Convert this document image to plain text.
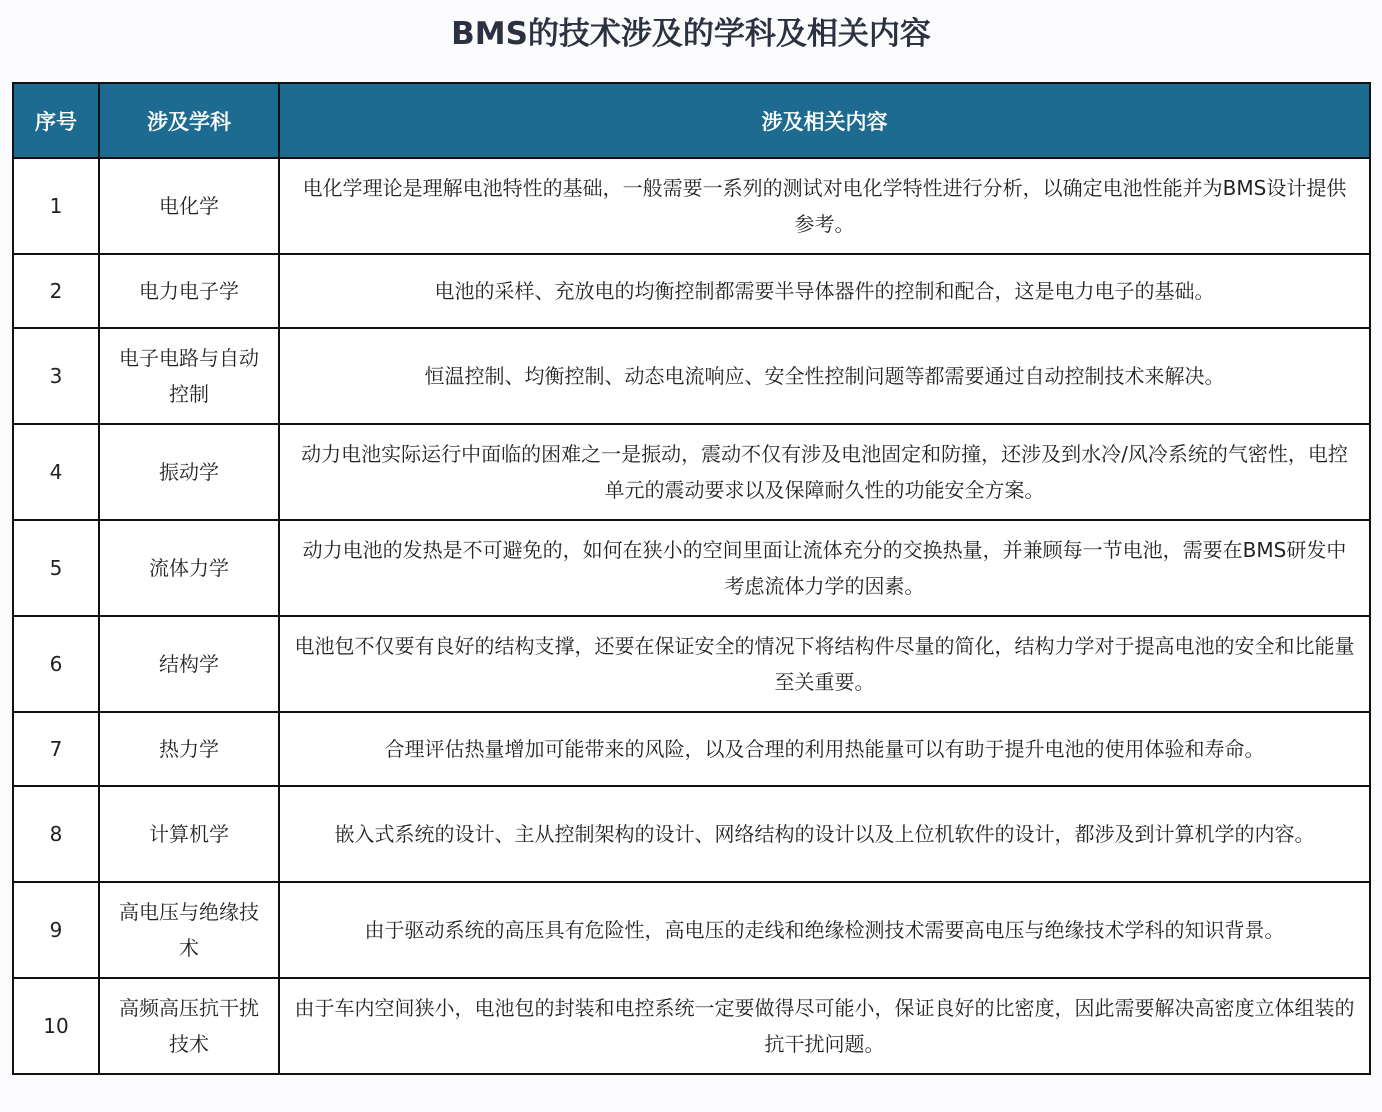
BMS的技术涉及的学科及相关内容
序号	涉及学科	涉及相关内容
1	电化学	电化学理论是理解电池特性的基础，一般需要一系列的测试对电化学特性进行分析，以确定电池性能并为BMS设计提供参考。
2	电力电子学	电池的采样、充放电的均衡控制都需要半导体器件的控制和配合，这是电力电子的基础。
3	电子电路与自动控制	恒温控制、均衡控制、动态电流响应、安全性控制问题等都需要通过自动控制技术来解决。
4	振动学	动力电池实际运行中面临的困难之一是振动，震动不仅有涉及电池固定和防撞，还涉及到水冷/风冷系统的气密性，电控单元的震动要求以及保障耐久性的功能安全方案。
5	流体力学	动力电池的发热是不可避免的，如何在狭小的空间里面让流体充分的交换热量，并兼顾每一节电池，需要在BMS研发中考虑流体力学的因素。
6	结构学	电池包不仅要有良好的结构支撑，还要在保证安全的情况下将结构件尽量的简化，结构力学对于提高电池的安全和比能量至关重要。
7	热力学	合理评估热量增加可能带来的风险，以及合理的利用热能量可以有助于提升电池的使用体验和寿命。
8	计算机学	嵌入式系统的设计、主从控制架构的设计、网络结构的设计以及上位机软件的设计，都涉及到计算机学的内容。
9	高电压与绝缘技术	由于驱动系统的高压具有危险性，高电压的走线和绝缘检测技术需要高电压与绝缘技术学科的知识背景。
10	高频高压抗干扰技术	由于车内空间狭小，电池包的封装和电控系统一定要做得尽可能小，保证良好的比密度，因此需要解决高密度立体组装的抗干扰问题。
